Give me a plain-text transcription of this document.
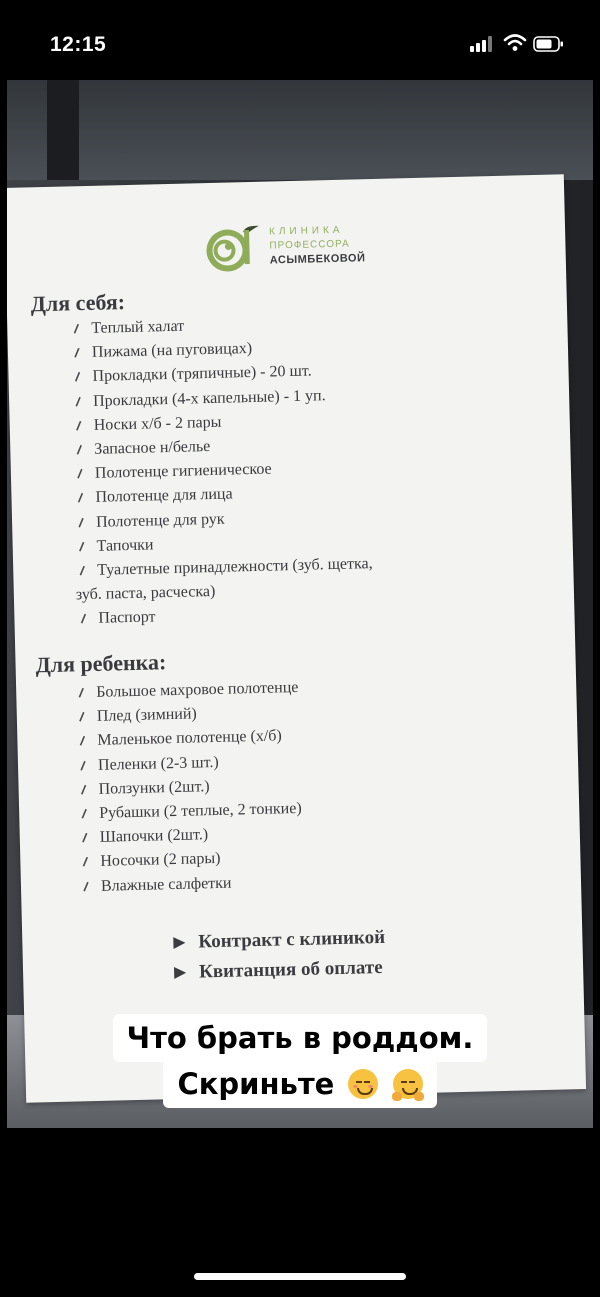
12:15
КЛИНИКА
ПРОФЕССОРА
АСЫМБЕКОВОЙ
Для себя:
Теплый халат
Пижама (на пуговицах)
Прокладки (тряпичные) - 20 шт.
Прокладки (4-х капельные) - 1 уп.
Носки х/б - 2 пары
Запасное н/белье
Полотенце гигиеническое
Полотенце для лица
Полотенце для рук
Тапочки
Туалетные принадлежности (зуб. щетка,
зуб. паста, расческа)
Паспорт
Для ребенка:
Большое махровое полотенце
Плед (зимний)
Маленькое полотенце (х/б)
Пеленки (2-3 шт.)
Ползунки (2шт.)
Рубашки (2 теплые, 2 тонкие)
Шапочки (2шт.)
Носочки (2 пары)
Влажные салфетки
Контракт с клиникой
Квитанция об оплате
Что брать в роддом.
Скриньте
